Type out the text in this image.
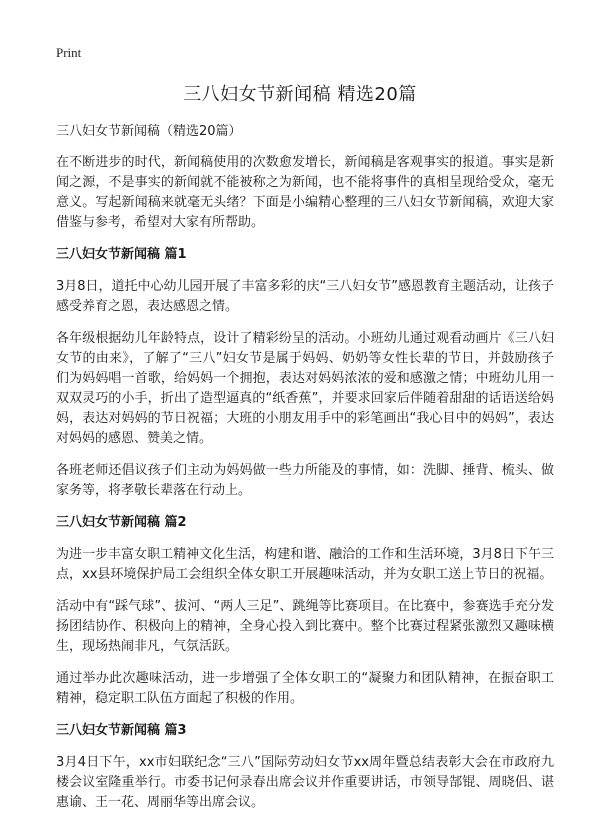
Print
三八妇女节新闻稿 精选20篇
三八妇女节新闻稿（精选20篇）

在不断进步的时代，新闻稿使用的次数愈发增长，新闻稿是客观事实的报道。事实是新闻之源，不是事实的新闻就不能被称之为新闻，也不能将事件的真相呈现给受众，毫无意义。写起新闻稿来就毫无头绪？下面是小编精心整理的三八妇女节新闻稿，欢迎大家借鉴与参考，希望对大家有所帮助。

三八妇女节新闻稿 篇1

3月8日，道托中心幼儿园开展了丰富多彩的庆“三八妇女节”感恩教育主题活动，让孩子感受养育之恩，表达感恩之情。

各年级根据幼儿年龄特点，设计了精彩纷呈的活动。小班幼儿通过观看动画片《三八妇女节的由来》，了解了“三八”妇女节是属于妈妈、奶奶等女性长辈的节日，并鼓励孩子们为妈妈唱一首歌，给妈妈一个拥抱，表达对妈妈浓浓的爱和感激之情；中班幼儿用一双双灵巧的小手，折出了造型逼真的“纸香蕉”，并要求回家后伴随着甜甜的话语送给妈妈，表达对妈妈的节日祝福；大班的小朋友用手中的彩笔画出“我心目中的妈妈”，表达对妈妈的感恩、赞美之情。

各班老师还倡议孩子们主动为妈妈做一些力所能及的事情，如：洗脚、捶背、梳头、做家务等，将孝敬长辈落在行动上。

三八妇女节新闻稿 篇2

为进一步丰富女职工精神文化生活，构建和谐、融洽的工作和生活环境，3月8日下午三点，xx县环境保护局工会组织全体女职工开展趣味活动，并为女职工送上节日的祝福。

活动中有“踩气球”、拔河、“两人三足”、跳绳等比赛项目。在比赛中，参赛选手充分发扬团结协作、积极向上的精神，全身心投入到比赛中。整个比赛过程紧张激烈又趣味横生，现场热闹非凡，气氛活跃。

通过举办此次趣味活动，进一步增强了全体女职工的“凝聚力和团队精神，在振奋职工精神，稳定职工队伍方面起了积极的作用。

三八妇女节新闻稿 篇3

3月4日下午，xx市妇联纪念“三八”国际劳动妇女节xx周年暨总结表彰大会在市政府九楼会议室隆重举行。市委书记何录春出席会议并作重要讲话，市领导郜锟、周晓侣、谌惠谕、王一花、周丽华等出席会议。
